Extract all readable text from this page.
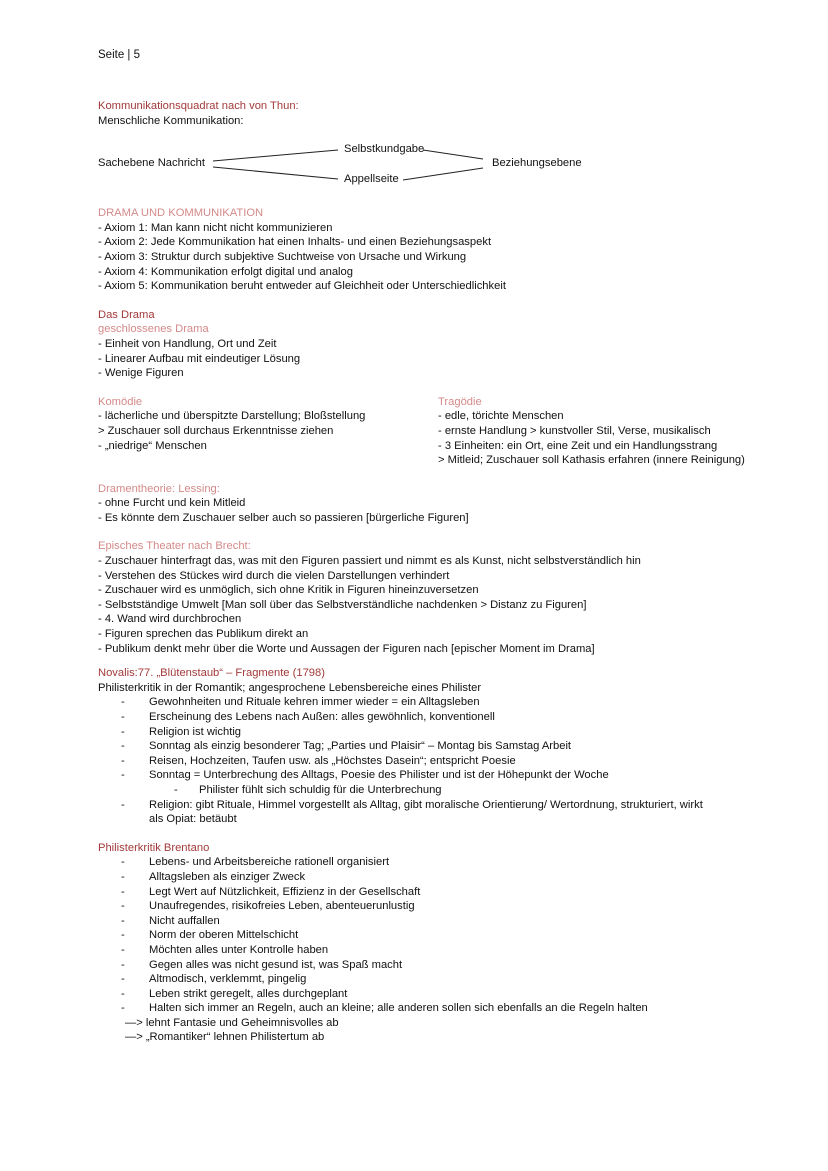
Seite | 5
Kommunikationsquadrat nach von Thun:
Menschliche Kommunikation:
Sachebene Nachricht
Selbstkundgabe
Appellseite
Beziehungsebene
DRAMA UND KOMMUNIKATION
- Axiom 1: Man kann nicht nicht kommunizieren
- Axiom 2: Jede Kommunikation hat einen Inhalts- und einen Beziehungsaspekt
- Axiom 3: Struktur durch subjektive Suchtweise von Ursache und Wirkung
- Axiom 4: Kommunikation erfolgt digital und analog
- Axiom 5: Kommunikation beruht entweder auf Gleichheit oder Unterschiedlichkeit
Das Drama
geschlossenes Drama
- Einheit von Handlung, Ort und Zeit
- Linearer Aufbau mit eindeutiger Lösung
- Wenige Figuren
Komödie
- lächerliche und überspitzte Darstellung; Bloßstellung
> Zuschauer soll durchaus Erkenntnisse ziehen
- „niedrige“ Menschen
Tragödie
- edle, törichte Menschen
- ernste Handlung > kunstvoller Stil, Verse, musikalisch
- 3 Einheiten: ein Ort, eine Zeit und ein Handlungsstrang
> Mitleid; Zuschauer soll Kathasis erfahren (innere Reinigung)
Dramentheorie: Lessing:
- ohne Furcht und kein Mitleid
- Es könnte dem Zuschauer selber auch so passieren [bürgerliche Figuren]
Episches Theater nach Brecht:
- Zuschauer hinterfragt das, was mit den Figuren passiert und nimmt es als Kunst, nicht selbstverständlich hin
- Verstehen des Stückes wird durch die vielen Darstellungen verhindert
- Zuschauer wird es unmöglich, sich ohne Kritik in Figuren hineinzuversetzen
- Selbstständige Umwelt [Man soll über das Selbstverständliche nachdenken > Distanz zu Figuren]
- 4. Wand wird durchbrochen
- Figuren sprechen das Publikum direkt an
- Publikum denkt mehr über die Worte und Aussagen der Figuren nach [epischer Moment im Drama]
Novalis:77. „Blütenstaub“ – Fragmente (1798)
Philisterkritik in der Romantik; angesprochene Lebensbereiche eines Philister
- Gewohnheiten und Rituale kehren immer wieder = ein Alltagsleben
- Erscheinung des Lebens nach Außen: alles gewöhnlich, konventionell
- Religion ist wichtig
- Sonntag als einzig besonderer Tag; „Parties und Plaisir“ – Montag bis Samstag Arbeit
- Reisen, Hochzeiten, Taufen usw. als „Höchstes Dasein“; entspricht Poesie
- Sonntag = Unterbrechung des Alltags, Poesie des Philister und ist der Höhepunkt der Woche
- Philister fühlt sich schuldig für die Unterbrechung
- Religion: gibt Rituale, Himmel vorgestellt als Alltag, gibt moralische Orientierung/ Wertordnung, strukturiert, wirkt als Opiat: betäubt
Philisterkritik Brentano
- Lebens- und Arbeitsbereiche rationell organisiert
- Alltagsleben als einziger Zweck
- Legt Wert auf Nützlichkeit, Effizienz in der Gesellschaft
- Unaufregendes, risikofreies Leben, abenteuerunlustig
- Nicht auffallen
- Norm der oberen Mittelschicht
- Möchten alles unter Kontrolle haben
- Gegen alles was nicht gesund ist, was Spaß macht
- Altmodisch, verklemmt, pingelig
- Leben strikt geregelt, alles durchgeplant
- Halten sich immer an Regeln, auch an kleine; alle anderen sollen sich ebenfalls an die Regeln halten
—> lehnt Fantasie und Geheimnisvolles ab
—> „Romantiker“ lehnen Philistertum ab
